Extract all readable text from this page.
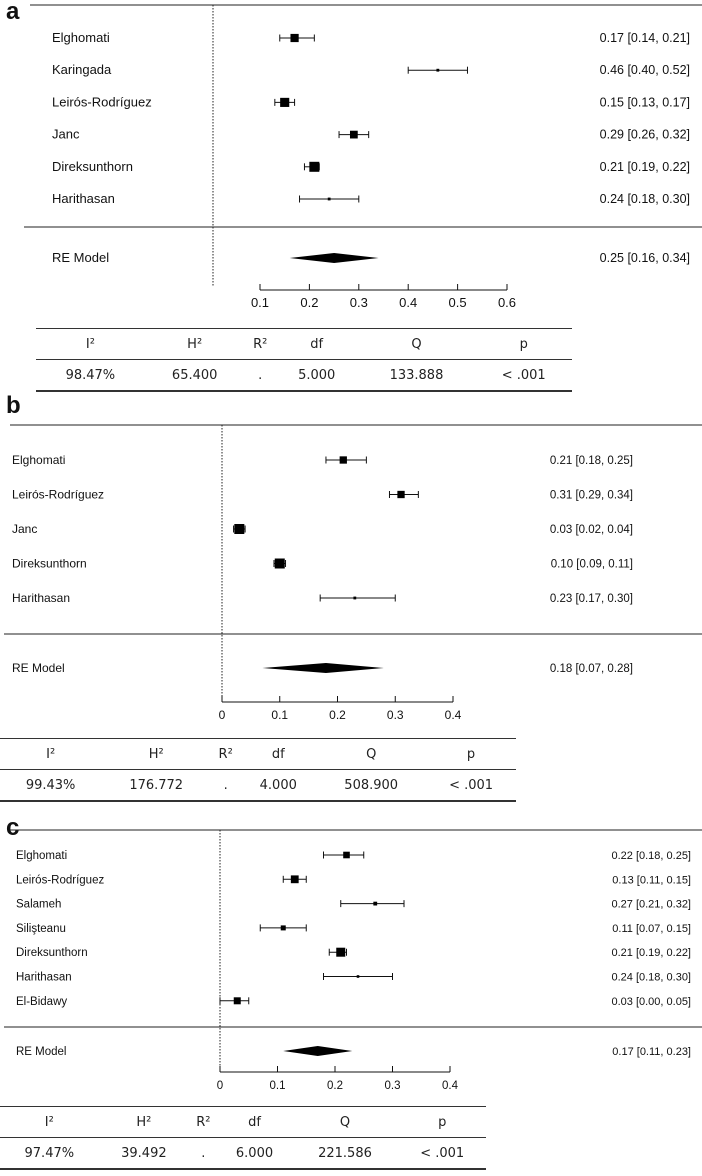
a
Elghomati	0.17 [0.14, 0.21]
Karingada	0.46 [0.40, 0.52]
Leirós-Rodríguez	0.15 [0.13, 0.17]
Janc	0.29 [0.26, 0.32]
Direksunthorn	0.21 [0.19, 0.22]
Harithasan	0.24 [0.18, 0.30]
RE Model	0.25 [0.16, 0.34]
0.1 0.2 0.3 0.4 0.5 0.6
I²	H²	R²	df	Q	p
98.47%	65.400	.	5.000	133.888	< .001
b
Elghomati	0.21 [0.18, 0.25]
Leirós-Rodríguez	0.31 [0.29, 0.34]
Janc	0.03 [0.02, 0.04]
Direksunthorn	0.10 [0.09, 0.11]
Harithasan	0.23 [0.17, 0.30]
RE Model	0.18 [0.07, 0.28]
0	0.1	0.2	0.3	0.4
I²	H²	R²	df	Q	p
99.43%	176.772	.	4.000	508.900	< .001
c
Elghomati	0.22 [0.18, 0.25]
Leirós-Rodríguez	0.13 [0.11, 0.15]
Salameh	0.27 [0.21, 0.32]
Silişteanu	0.11 [0.07, 0.15]
Direksunthorn	0.21 [0.19, 0.22]
Harithasan	0.24 [0.18, 0.30]
El-Bidawy	0.03 [0.00, 0.05]
RE Model	0.17 [0.11, 0.23]
0	0.1	0.2	0.3	0.4
I²	H²	R²	df	Q	p
97.47%	39.492	.	6.000	221.586	< .001
